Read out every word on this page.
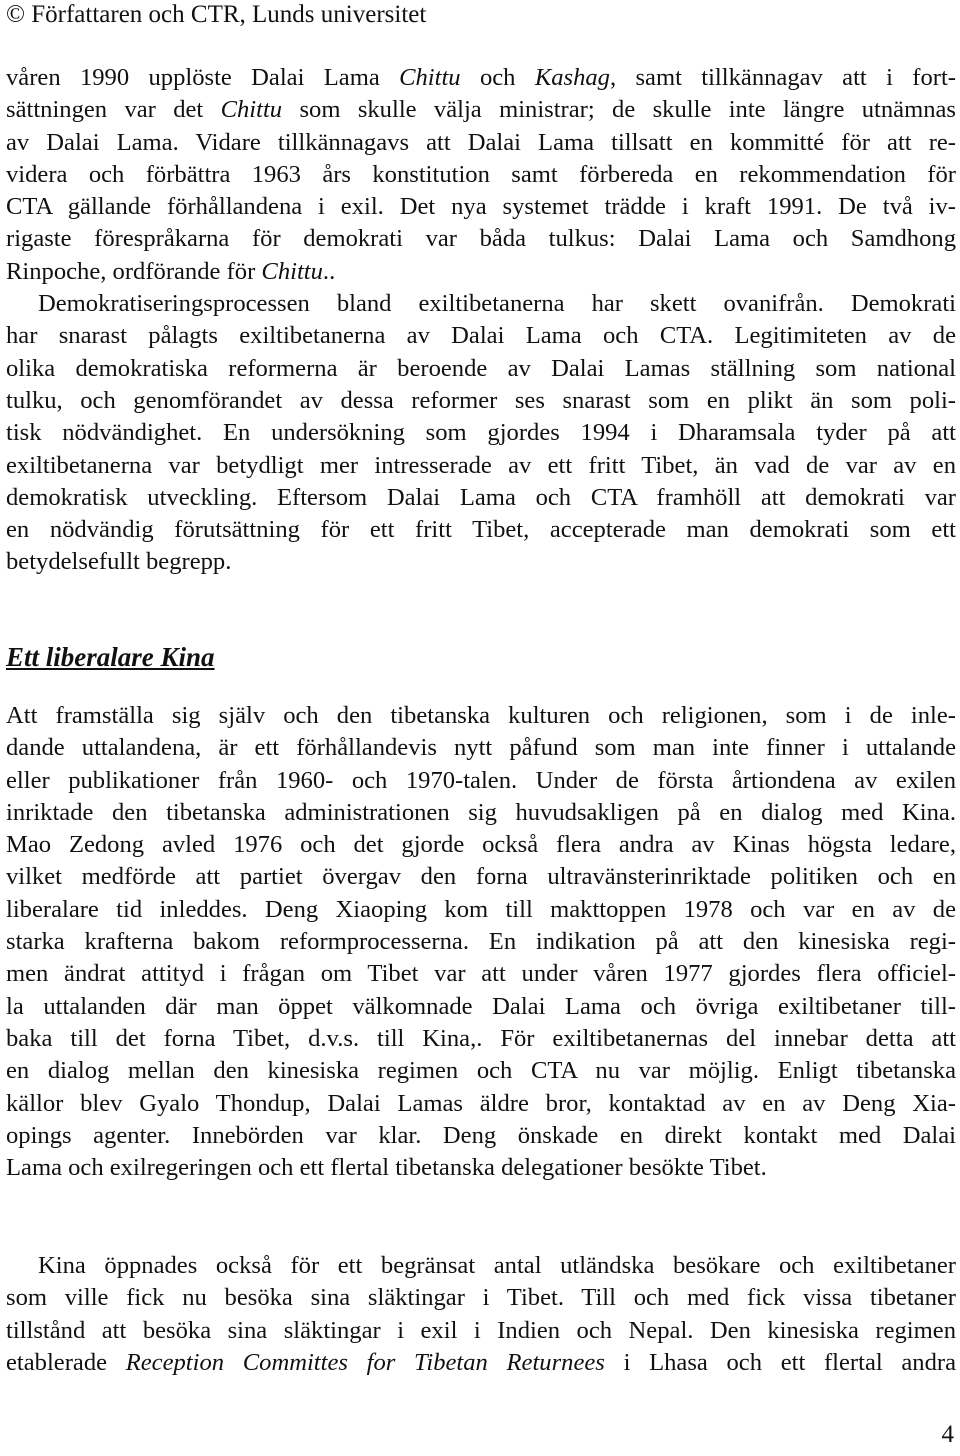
© Författaren och CTR, Lunds universitet
våren 1990 upplöste Dalai Lama Chittu och Kashag, samt tillkännagav att i fort-
sättningen var det Chittu som skulle välja ministrar; de skulle inte längre utnämnas
av Dalai Lama. Vidare tillkännagavs att Dalai Lama tillsatt en kommitté för att re-
videra och förbättra 1963 års konstitution samt förbereda en rekommendation för
CTA gällande förhållandena i exil. Det nya systemet trädde i kraft 1991. De två iv-
rigaste förespråkarna för demokrati var båda tulkus: Dalai Lama och Samdhong
Rinpoche, ordförande för Chittu..
Demokratiseringsprocessen bland exiltibetanerna har skett ovanifrån. Demokrati
har snarast pålagts exiltibetanerna av Dalai Lama och CTA. Legitimiteten av de
olika demokratiska reformerna är beroende av Dalai Lamas ställning som national
tulku, och genomförandet av dessa reformer ses snarast som en plikt än som poli-
tisk nödvändighet. En undersökning som gjordes 1994 i Dharamsala tyder på att
exiltibetanerna var betydligt mer intresserade av ett fritt Tibet, än vad de var av en
demokratisk utveckling. Eftersom Dalai Lama och CTA framhöll att demokrati var
en nödvändig förutsättning för ett fritt Tibet, accepterade man demokrati som ett
betydelsefullt begrepp.
Ett liberalare Kina
Att framställa sig själv och den tibetanska kulturen och religionen, som i de inle-
dande uttalandena, är ett förhållandevis nytt påfund som man inte finner i uttalande
eller publikationer från 1960- och 1970-talen. Under de första årtiondena av exilen
inriktade den tibetanska administrationen sig huvudsakligen på en dialog med Kina.
Mao Zedong avled 1976 och det gjorde också flera andra av Kinas högsta ledare,
vilket medförde att partiet övergav den forna ultravänsterinriktade politiken och en
liberalare tid inleddes. Deng Xiaoping kom till makttoppen 1978 och var en av de
starka krafterna bakom reformprocesserna. En indikation på att den kinesiska regi-
men ändrat attityd i frågan om Tibet var att under våren 1977 gjordes flera officiel-
la uttalanden där man öppet välkomnade Dalai Lama och övriga exiltibetaner till-
baka till det forna Tibet, d.v.s. till Kina,. För exiltibetanernas del innebar detta att
en dialog mellan den kinesiska regimen och CTA nu var möjlig. Enligt tibetanska
källor blev Gyalo Thondup, Dalai Lamas äldre bror, kontaktad av en av Deng Xia-
opings agenter. Innebörden var klar. Deng önskade en direkt kontakt med Dalai
Lama och exilregeringen och ett flertal tibetanska delegationer besökte Tibet.
Kina öppnades också för ett begränsat antal utländska besökare och exiltibetaner
som ville fick nu besöka sina släktingar i Tibet. Till och med fick vissa tibetaner
tillstånd att besöka sina släktingar i exil i Indien och Nepal. Den kinesiska regimen
etablerade Reception Committes for Tibetan Returnees i Lhasa och ett flertal andra
4
